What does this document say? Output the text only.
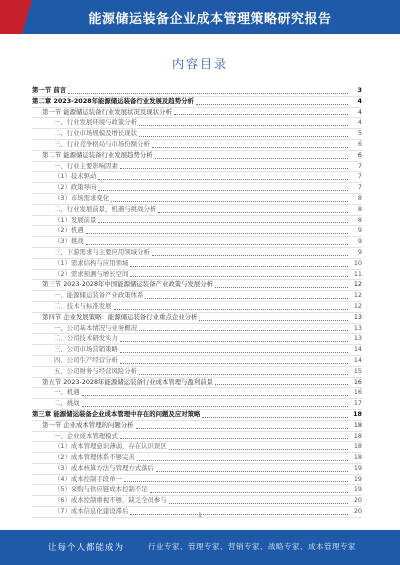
能源储运装备企业成本管理策略研究报告
内容目录
第一节 前言	3
第二章 2023-2028年能源储运装备行业发展及趋势分析	4
第一节 能源储运装备行业发展状况及现状分析	4
一、行业发展环境与政策分析	4
二、行业市场规模及增长现状	5
三、行业竞争格局与市场份额分析	6
第二节 能源储运装备行业发展趋势分析	6
一、行业主要影响因素	7
（1）技术驱动	7
（2）政策导向	7
（3）市场需求变化	8
二、行业发展前景、机遇与挑战分析	8
（1）发展前景	8
（2）机遇	9
（3）挑战	9
三、下游需求与主要应用领域分析	9
（1）需求结构与应用领域	10
（2）需求预测与增长空间	11
第三节 2023-2028年中国能源储运装备产业政策与发展分析	12
一、能源储运装备产业政策体系	12
二、技术与标准发展	12
第四节 企业发展策略：能源储运装备行业重点企业分析	13
一、公司基本情况与业务概况	13
二、公司技术研发实力	13
三、公司市场营销策略	14
四、公司生产经营分析	14
五、公司财务与经营风险分析	15
第五节 2023-2028年能源储运装备行业成本管理与盈利前景	16
一、机遇	16
二、挑战	17
第三章 能源储运装备企业成本管理中存在的问题及应对策略	18
第一节 企业成本管理的问题分析	18
一、企业成本管理模式	18
（1）成本管理意识薄弱，存在认识误区	18
（2）成本管理体系不够完善	18
（3）成本核算方法与管理方式落后	19
（4）成本控制手段单一	19
（5）采购与供应链成本控制不足	19
（6）成本控制重视不够，缺乏全员参与	20
（7）成本信息化建设滞后	20
1
让每个人都能成为	行业专家、管理专家、营销专家、战略专家、成本管理专家
